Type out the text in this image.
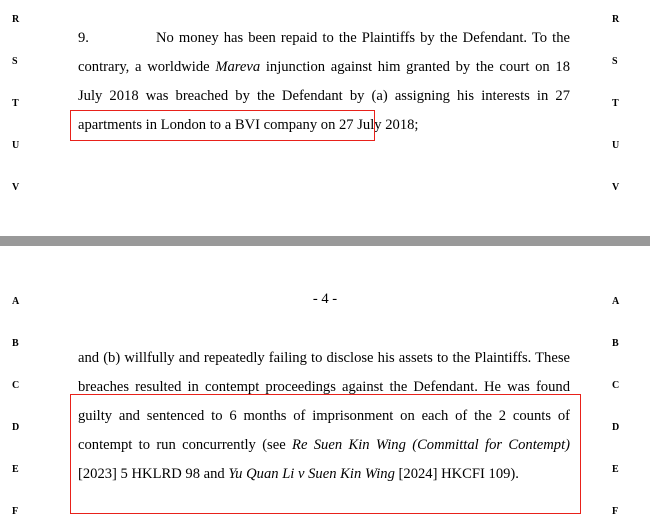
R
S
T
U
V
R
S
T
U
V
9.	No money has been repaid to the Plaintiffs by the Defendant. To the contrary, a worldwide Mareva injunction against him granted by the court on 18 July 2018 was breached by the Defendant by (a) assigning his interests in 27 apartments in London to a BVI company on 27 July 2018;
A
B
C
D
E
F
A
B
C
D
E
F
- 4 -
and (b) willfully and repeatedly failing to disclose his assets to the Plaintiffs. These breaches resulted in contempt proceedings against the Defendant. He was found guilty and sentenced to 6 months of imprisonment on each of the 2 counts of contempt to run concurrently (see Re Suen Kin Wing (Committal for Contempt) [2023] 5 HKLRD 98 and Yu Quan Li v Suen Kin Wing [2024] HKCFI 109).
